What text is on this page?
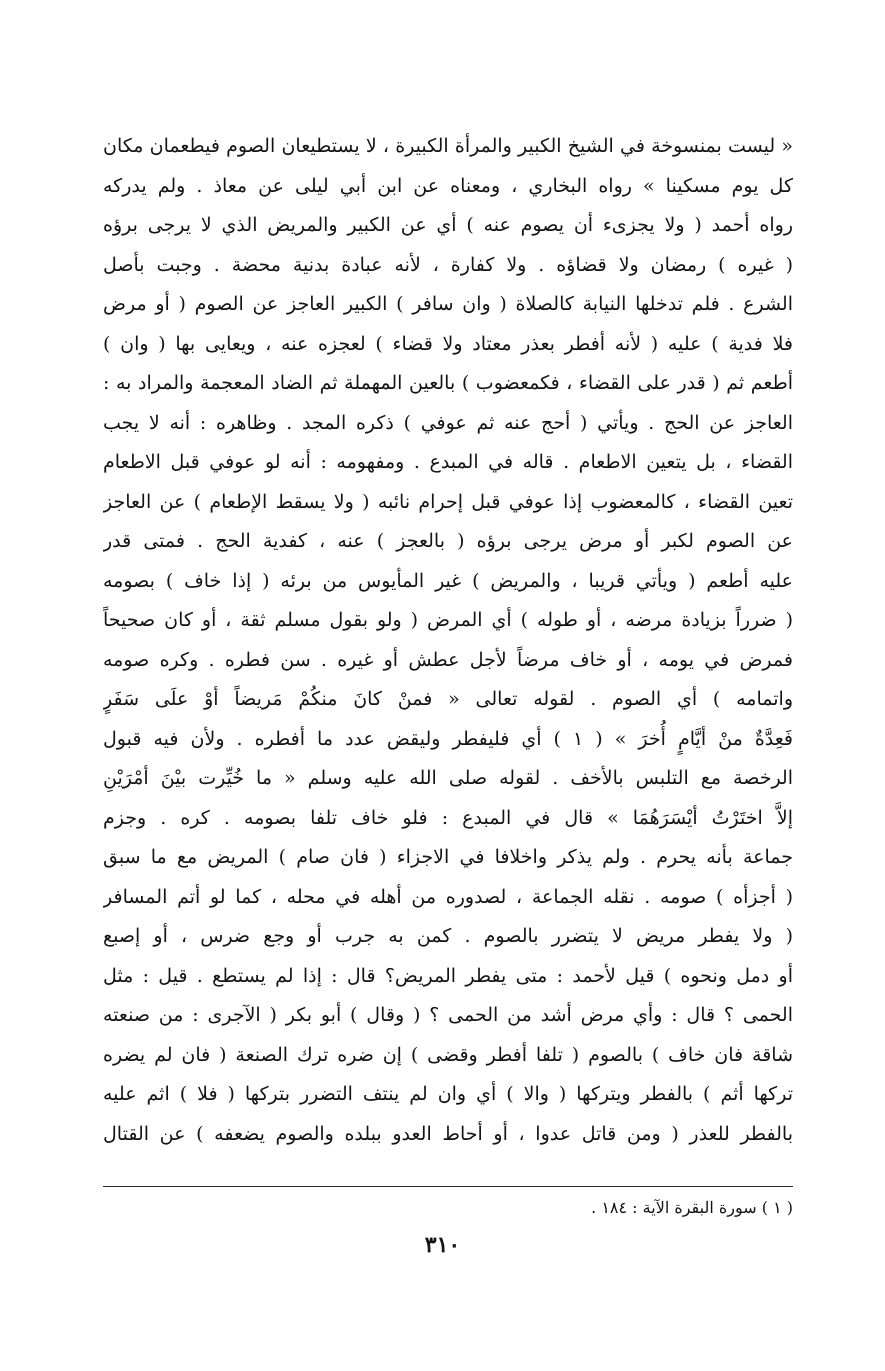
« ليست بمنسوخة في الشيخ الكبير والمرأة الكبيرة ، لا يستطيعان الصوم فيطعمان مكان
كل يوم مسكينا » رواه البخاري ، ومعناه عن ابن أبي ليلى عن معاذ . ولم يدركه
رواه أحمد ( ولا يجزىء أن يصوم عنه ) أي عن الكبير والمريض الذي لا يرجى برؤه
( غيره ) رمضان ولا قضاؤه . ولا كفارة ، لأنه عبادة بدنية محضة . وجبت بأصل
الشرع . فلم تدخلها النيابة كالصلاة ( وان سافر ) الكبير العاجز عن الصوم ( أو مرض
فلا فدية ) عليه ( لأنه أفطر بعذر معتاد ولا قضاء ) لعجزه عنه ، ويعايى بها ( وان )
أطعم ثم ( قدر على القضاء ، فكمعضوب ) بالعين المهملة ثم الضاد المعجمة والمراد به :
العاجز عن الحج . ويأتي ( أحج عنه ثم عوفي ) ذكره المجد . وظاهره : أنه لا يجب
القضاء ، بل يتعين الاطعام . قاله في المبدع . ومفهومه : أنه لو عوفي قبل الاطعام
تعين القضاء ، كالمعضوب إذا عوفي قبل إحرام نائبه ( ولا يسقط الإطعام ) عن العاجز
عن الصوم لكبر أو مرض يرجى برؤه ( بالعجز ) عنه ، كفدية الحج . فمتى قدر
عليه أطعم ( ويأتي قريبا ، والمريض ) غير المأيوس من برئه ( إذا خاف ) بصومه
( ضرراً بزيادة مرضه ، أو طوله ) أي المرض ( ولو بقول مسلم ثقة ، أو كان صحيحاً
فمرض في يومه ، أو خاف مرضاً لأجل عطش أو غيره . سن فطره . وكره صومه
واتمامه ) أي الصوم . لقوله تعالى « فمنْ كانَ منكُمْ مَريضاً أوْ علَى سَفَرٍ
فَعِدَّةٌ منْ أيَّامٍ أُخرَ » ( ١ ) أي فليفطر وليقض عدد ما أفطره . ولأن فيه قبول
الرخصة مع التلبس بالأخف . لقوله صلى الله عليه وسلم « ما خُيِّرت بيْنَ أمْرَيْنِ
إلاَّ اختَرْتُ أيْسَرَهُمَا » قال في المبدع : فلو خاف تلفا بصومه . كره . وجزم
جماعة بأنه يحرم . ولم يذكر واخلافا في الاجزاء ( فان صام ) المريض مع ما سبق
( أجزأه ) صومه . نقله الجماعة ، لصدوره من أهله في محله ، كما لو أتم المسافر
( ولا يفطر مريض لا يتضرر بالصوم . كمن به جرب أو وجع ضرس ، أو إصبع
أو دمل ونحوه ) قيل لأحمد : متى يفطر المريض؟ قال : إذا لم يستطع . قيل : مثل
الحمى ؟ قال : وأي مرض أشد من الحمى ؟ ( وقال ) أبو بكر ( الآجرى : من صنعته
شاقة فان خاف ) بالصوم ( تلفا أفطر وقضى ) إن ضره ترك الصنعة ( فان لم يضره
تركها أثم ) بالفطر ويتركها ( والا ) أي وان لم ينتف التضرر بتركها ( فلا ) اثم عليه
بالفطر للعذر ( ومن قاتل عدوا ، أو أحاط العدو ببلده والصوم يضعفه ) عن القتال
( ١ ) سورة البقرة الآية : ١٨٤ .
٣١٠
